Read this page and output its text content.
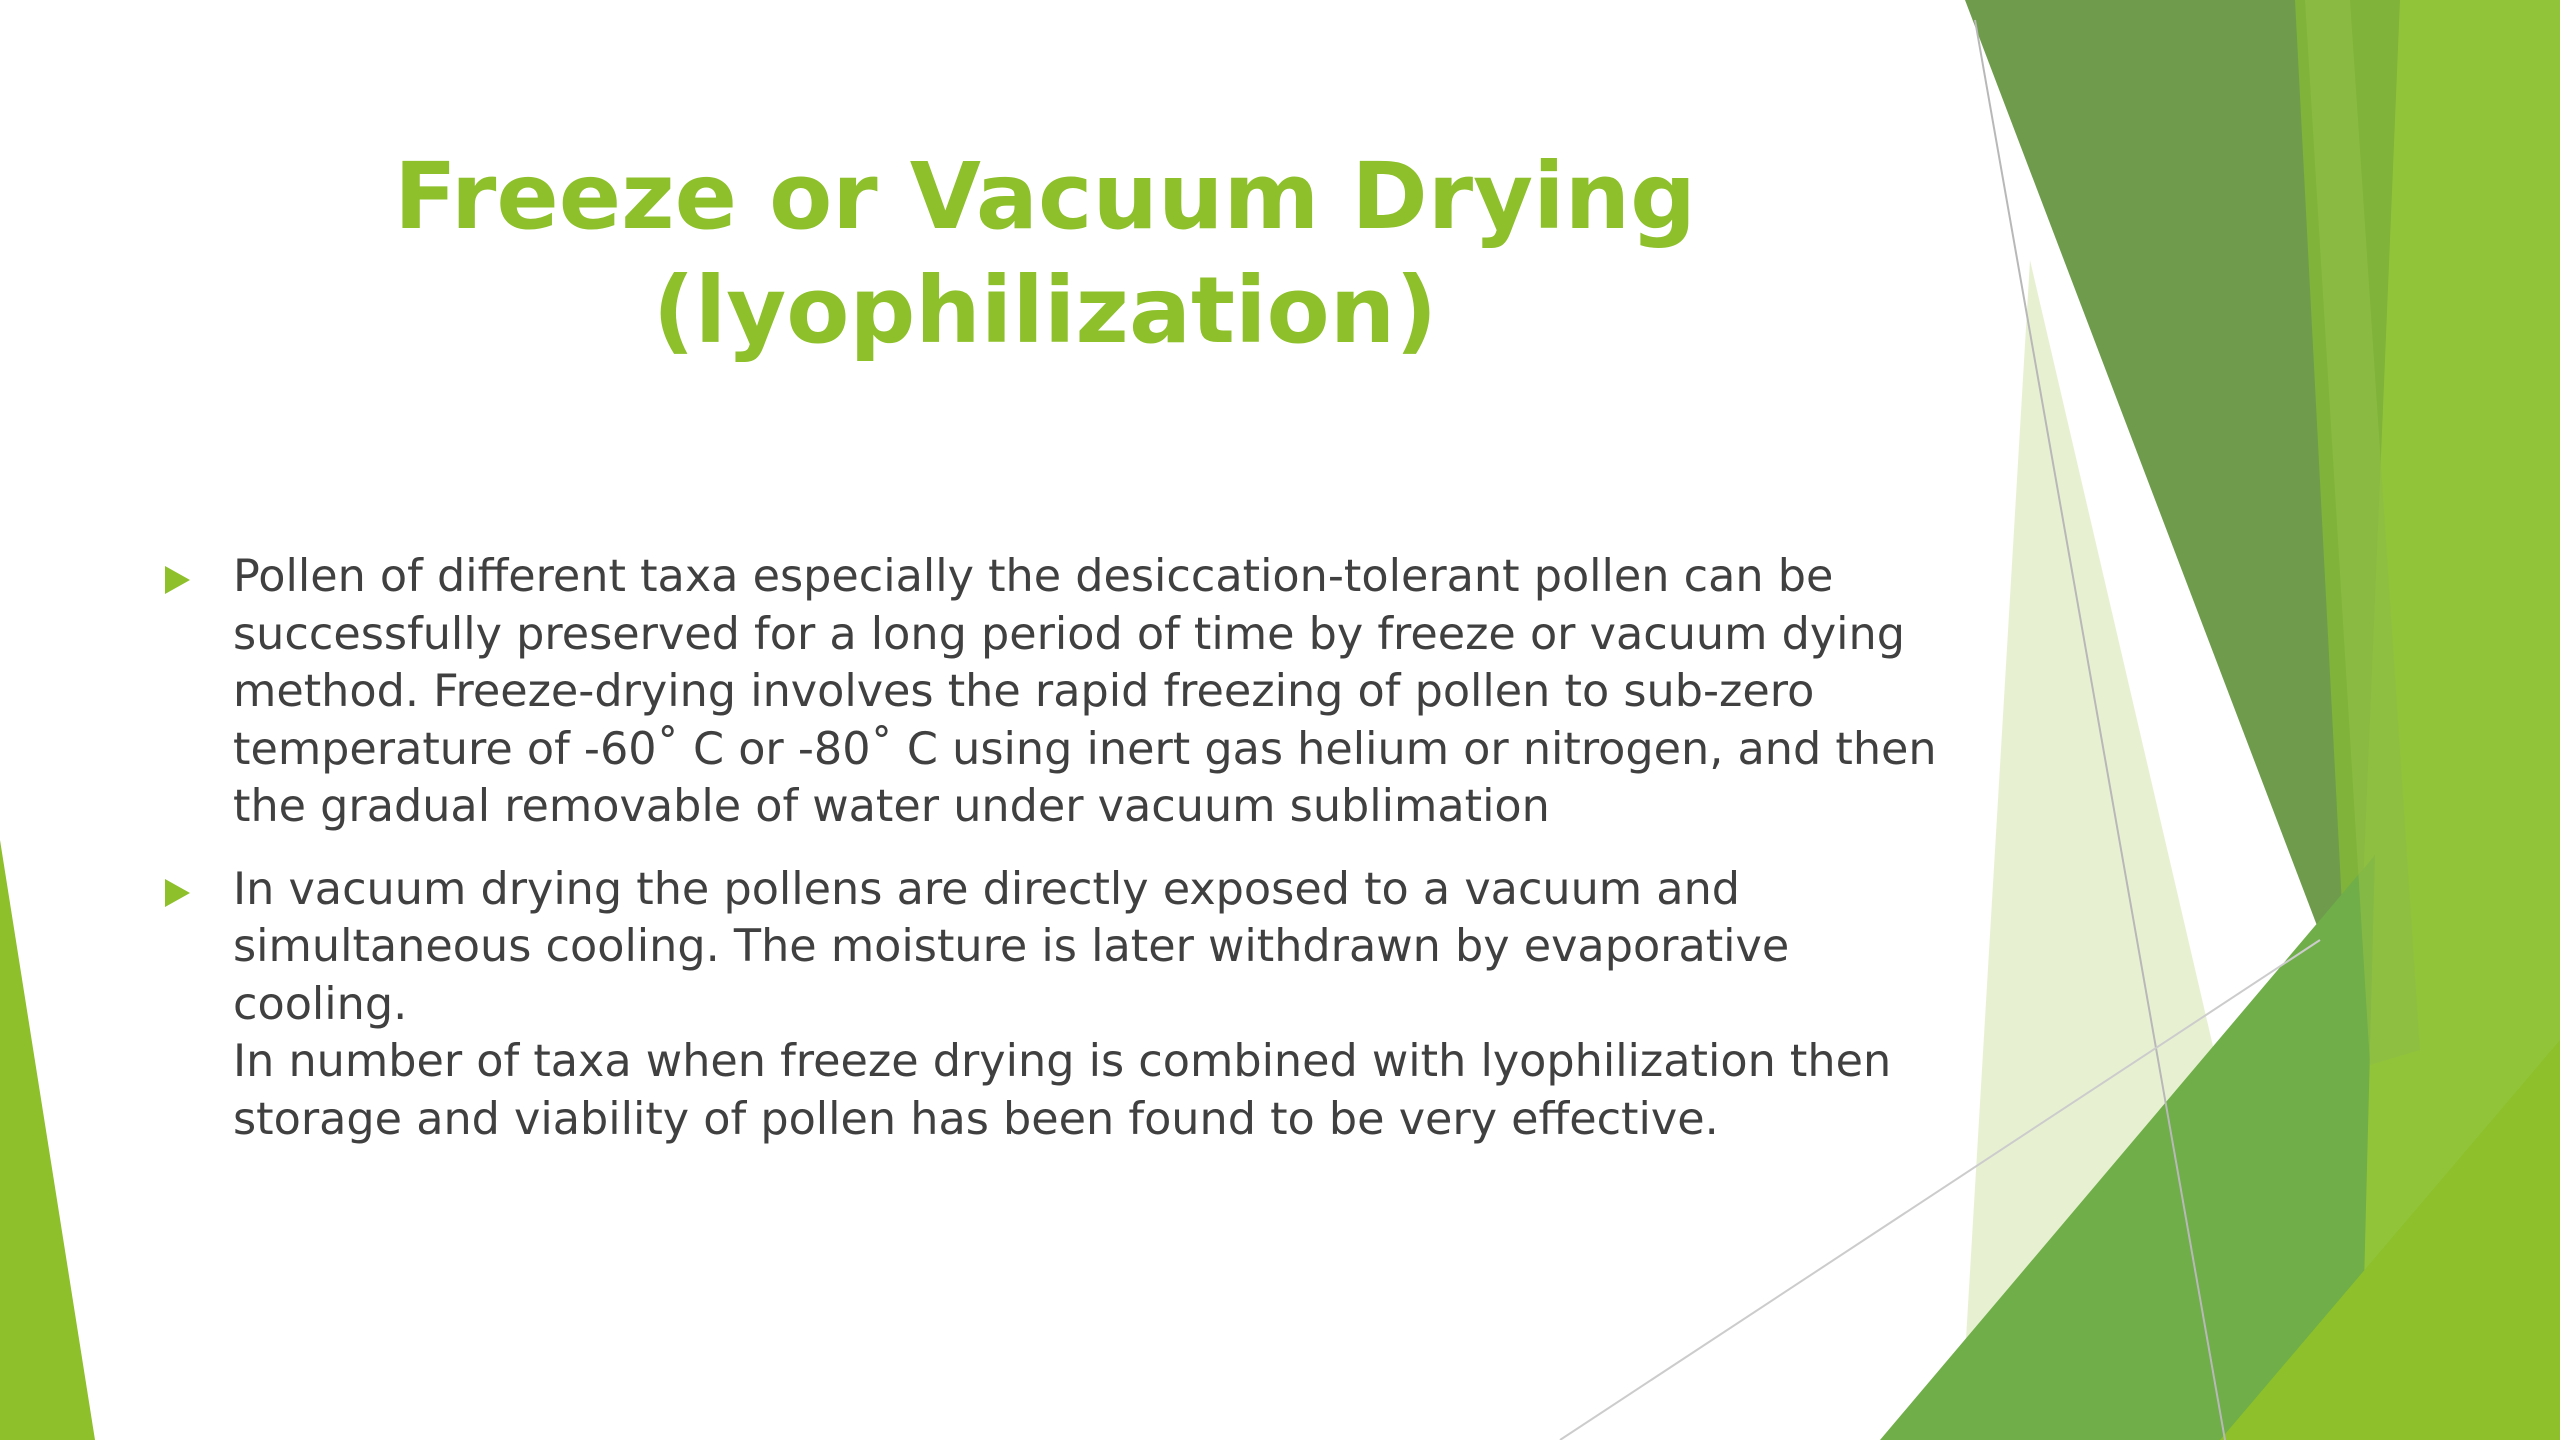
Freeze or Vacuum Drying
(lyophilization)
Pollen of different taxa especially the desiccation-tolerant pollen can be
successfully preserved for a long period of time by freeze or vacuum dying
method. Freeze-drying involves the rapid freezing of pollen to sub-zero
temperature of -60˚ C or -80˚ C using inert gas helium or nitrogen, and then
the gradual removable of water under vacuum sublimation
In vacuum drying the pollens are directly exposed to a vacuum and
simultaneous cooling. The moisture is later withdrawn by evaporative cooling.
In number of taxa when freeze drying is combined with lyophilization then
storage and viability of pollen has been found to be very effective.
